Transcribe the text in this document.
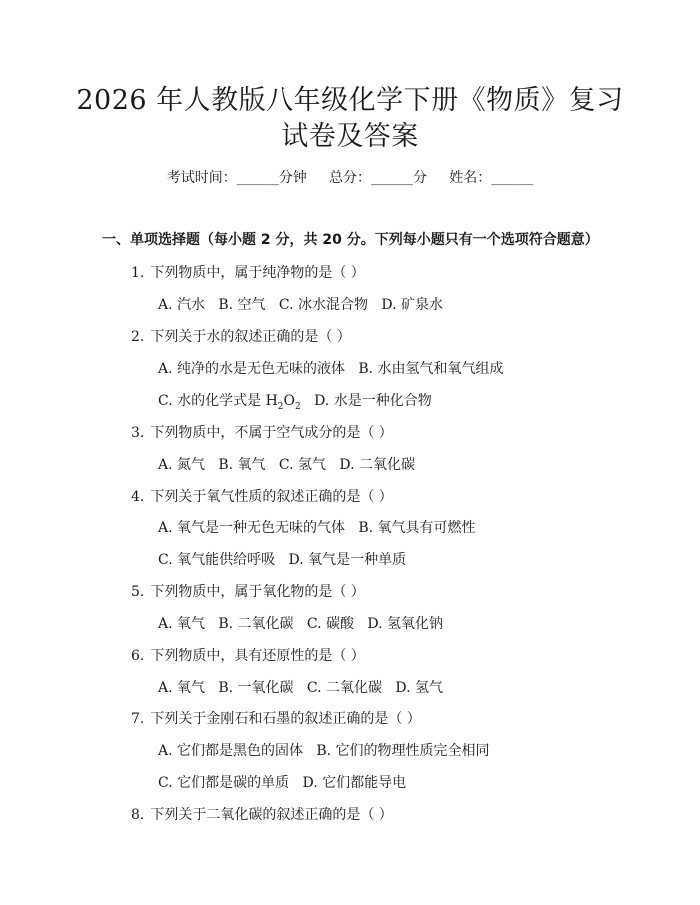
2026 年人教版八年级化学下册《物质》复习
试卷及答案
考试时间：______分钟     总分：______分     姓名：______
一、单项选择题（每小题 2 分，共 20 分。下列每小题只有一个选项符合题意）
1. 下列物质中，属于纯净物的是（ ）
A. 汽水   B. 空气   C. 冰水混合物   D. 矿泉水
2. 下列关于水的叙述正确的是（ ）
A. 纯净的水是无色无味的液体   B. 水由氢气和氧气组成
C. 水的化学式是 $H_2O_2$   D. 水是一种化合物
3. 下列物质中，不属于空气成分的是（ ）
A. 氮气   B. 氧气   C. 氢气   D. 二氧化碳
4. 下列关于氧气性质的叙述正确的是（ ）
A. 氧气是一种无色无味的气体   B. 氧气具有可燃性
C. 氧气能供给呼吸   D. 氧气是一种单质
5. 下列物质中，属于氧化物的是（ ）
A. 氧气   B. 二氧化碳   C. 碳酸   D. 氢氧化钠
6. 下列物质中，具有还原性的是（ ）
A. 氧气   B. 一氧化碳   C. 二氧化碳   D. 氢气
7. 下列关于金刚石和石墨的叙述正确的是（ ）
A. 它们都是黑色的固体   B. 它们的物理性质完全相同
C. 它们都是碳的单质   D. 它们都能导电
8. 下列关于二氧化碳的叙述正确的是（ ）
